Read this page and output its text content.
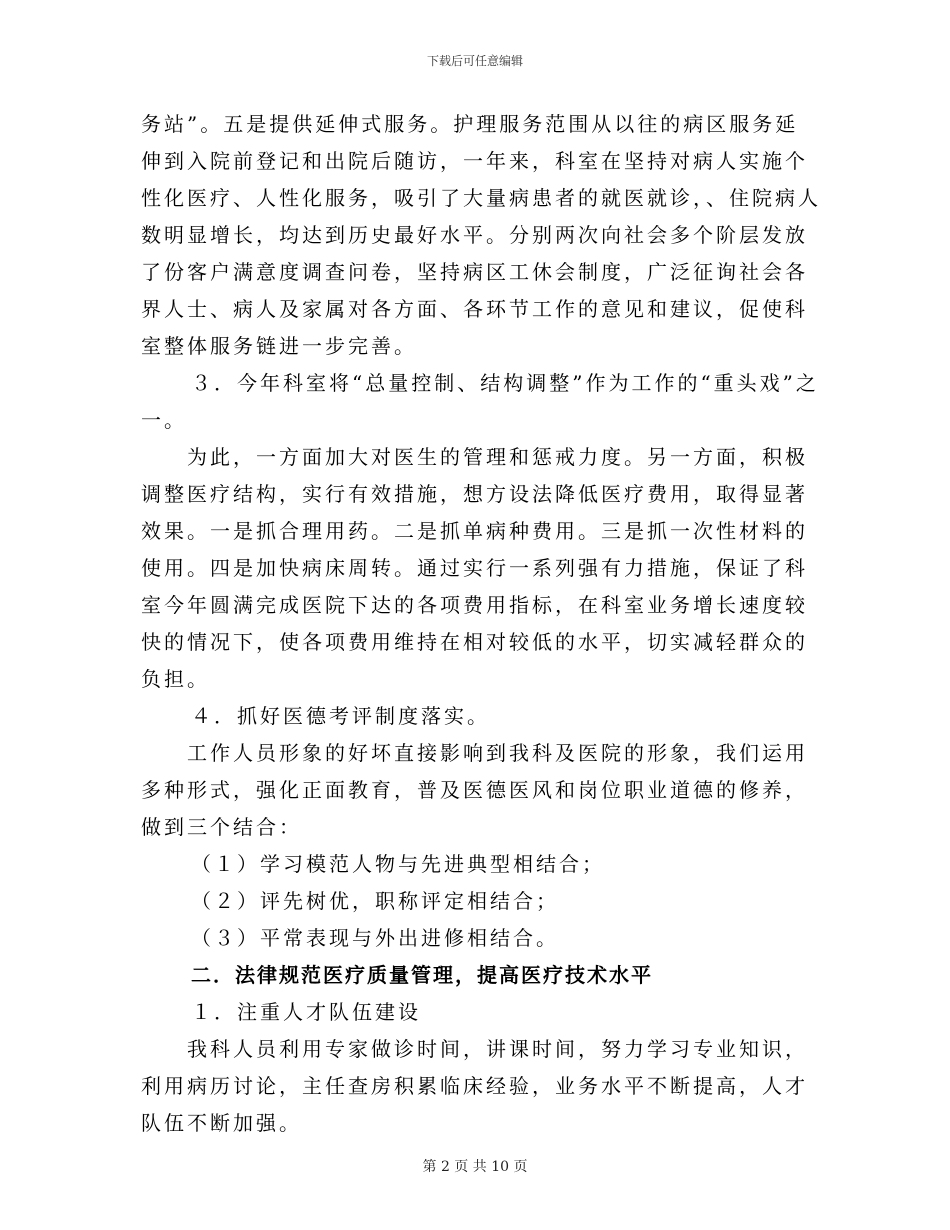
下载后可任意编辑

务站”。五是提供延伸式服务。护理服务范围从以往的病区服务延伸到入院前登记和出院后随访，一年来，科室在坚持对病人实施个性化医疗、人性化服务，吸引了大量病患者的就医就诊，、住院病人数明显增长，均达到历史最好水平。分别两次向社会多个阶层发放了份客户满意度调查问卷，坚持病区工休会制度，广泛征询社会各界人士、病人及家属对各方面、各环节工作的意见和建议，促使科室整体服务链进一步完善。

３．今年科室将“总量控制、结构调整”作为工作的“重头戏”之一。

为此，一方面加大对医生的管理和惩戒力度。另一方面，积极调整医疗结构，实行有效措施，想方设法降低医疗费用，取得显著效果。一是抓合理用药。二是抓单病种费用。三是抓一次性材料的使用。四是加快病床周转。通过实行一系列强有力措施，保证了科室今年圆满完成医院下达的各项费用指标，在科室业务增长速度较快的情况下，使各项费用维持在相对较低的水平，切实减轻群众的负担。

４．抓好医德考评制度落实。

工作人员形象的好坏直接影响到我科及医院的形象，我们运用多种形式，强化正面教育，普及医德医风和岗位职业道德的修养，做到三个结合：

（１）学习模范人物与先进典型相结合；

（２）评先树优，职称评定相结合；

（３）平常表现与外出进修相结合。

二．法律规范医疗质量管理，提高医疗技术水平

１．注重人才队伍建设

我科人员利用专家做诊时间，讲课时间，努力学习专业知识，利用病历讨论，主任查房积累临床经验，业务水平不断提高，人才队伍不断加强。

第 2 页 共 10 页
